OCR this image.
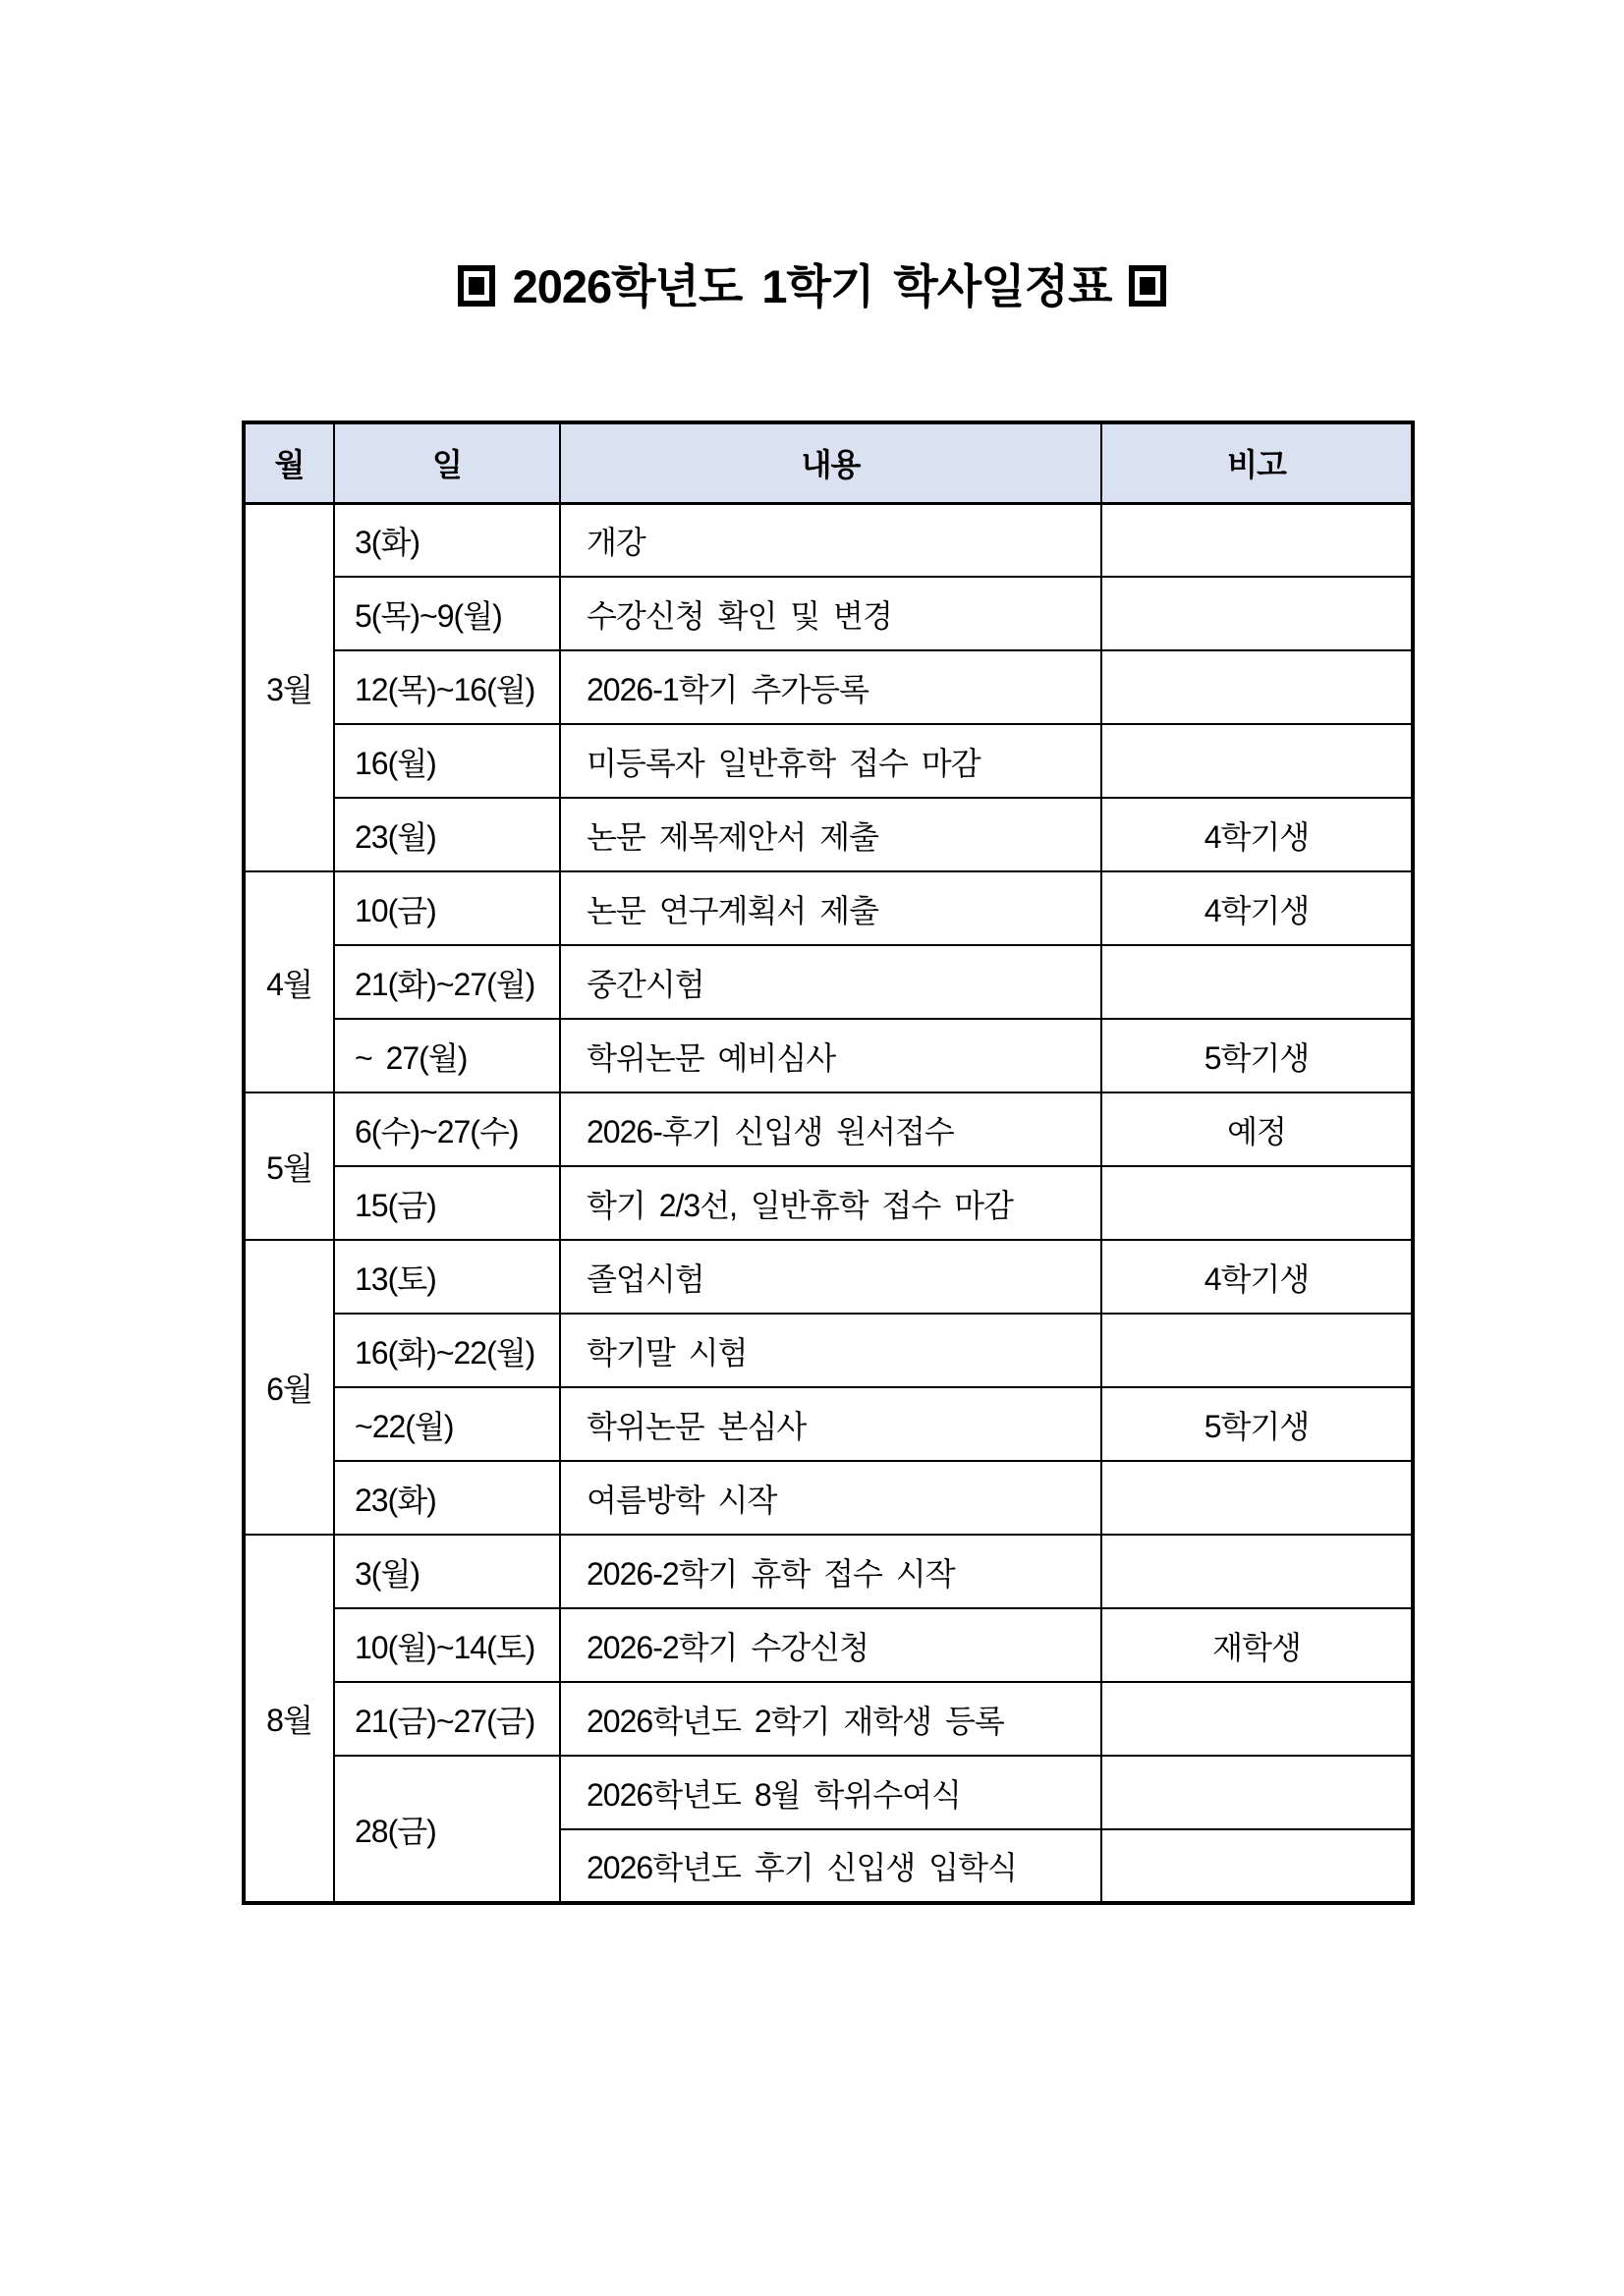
2026학년도 1학기 학사일정표
월	일	내용	비고
3월	3(화)	개강	
	5(목)~9(월)	수강신청 확인 및 변경	
	12(목)~16(월)	2026-1학기 추가등록	
	16(월)	미등록자 일반휴학 접수 마감	
	23(월)	논문 제목제안서 제출	4학기생
4월	10(금)	논문 연구계획서 제출	4학기생
	21(화)~27(월)	중간시험	
	~ 27(월)	학위논문 예비심사	5학기생
5월	6(수)~27(수)	2026-후기 신입생 원서접수	예정
	15(금)	학기 2/3선, 일반휴학 접수 마감	
6월	13(토)	졸업시험	4학기생
	16(화)~22(월)	학기말 시험	
	~22(월)	학위논문 본심사	5학기생
	23(화)	여름방학 시작	
8월	3(월)	2026-2학기 휴학 접수 시작	
	10(월)~14(토)	2026-2학기 수강신청	재학생
	21(금)~27(금)	2026학년도 2학기 재학생 등록	
	28(금)	2026학년도 8월 학위수여식	
		2026학년도 후기 신입생 입학식	
